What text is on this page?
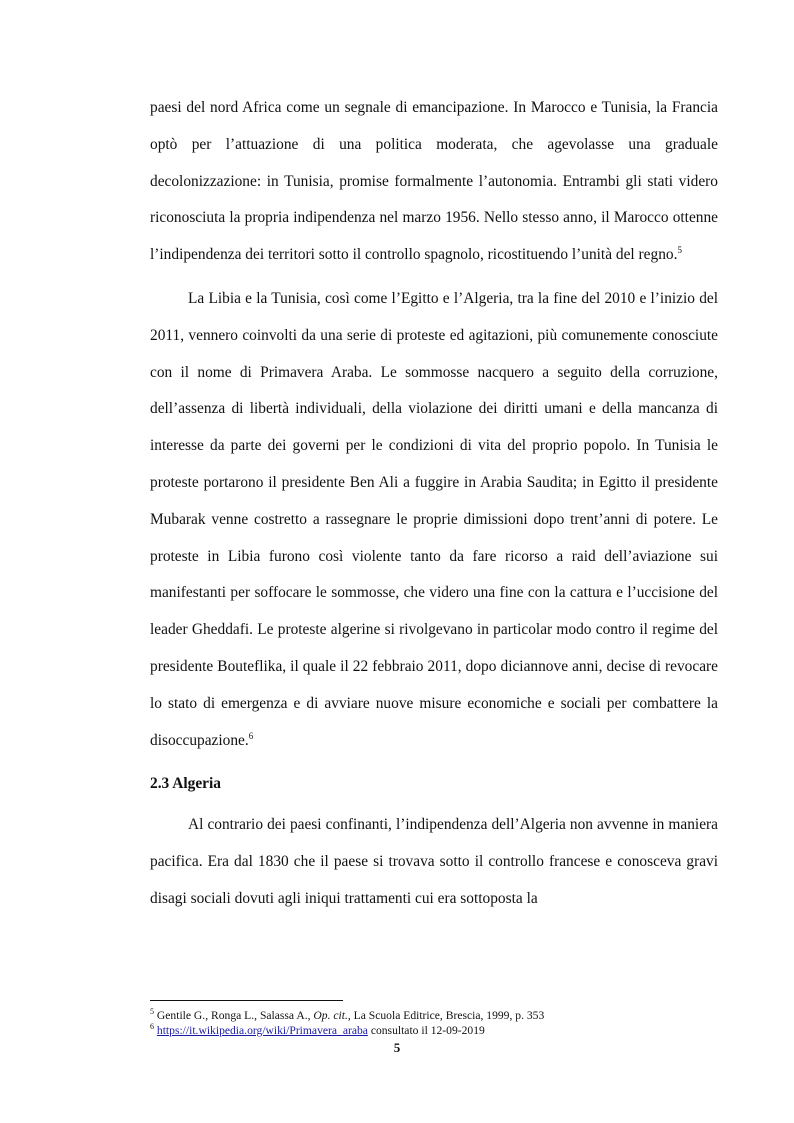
paesi del nord Africa come un segnale di emancipazione. In Marocco e Tunisia, la Francia optò per l’attuazione di una politica moderata, che agevolasse una graduale decolonizzazione: in Tunisia, promise formalmente l’autonomia. Entrambi gli stati videro riconosciuta la propria indipendenza nel marzo 1956. Nello stesso anno, il Marocco ottenne l’indipendenza dei territori sotto il controllo spagnolo, ricostituendo l’unità del regno.$^5$

La Libia e la Tunisia, così come l’Egitto e l’Algeria, tra la fine del 2010 e l’inizio del 2011, vennero coinvolti da una serie di proteste ed agitazioni, più comunemente conosciute con il nome di Primavera Araba. Le sommosse nacquero a seguito della corruzione, dell’assenza di libertà individuali, della violazione dei diritti umani e della mancanza di interesse da parte dei governi per le condizioni di vita del proprio popolo. In Tunisia le proteste portarono il presidente Ben Ali a fuggire in Arabia Saudita; in Egitto il presidente Mubarak venne costretto a rassegnare le proprie dimissioni dopo trent’anni di potere. Le proteste in Libia furono così violente tanto da fare ricorso a raid dell’aviazione sui manifestanti per soffocare le sommosse, che videro una fine con la cattura e l’uccisione del leader Gheddafi. Le proteste algerine si rivolgevano in particolar modo contro il regime del presidente Bouteflika, il quale il 22 febbraio 2011, dopo diciannove anni, decise di revocare lo stato di emergenza e di avviare nuove misure economiche e sociali per combattere la disoccupazione.$^6$

2.3 Algeria

Al contrario dei paesi confinanti, l’indipendenza dell’Algeria non avvenne in maniera pacifica. Era dal 1830 che il paese si trovava sotto il controllo francese e conosceva gravi disagi sociali dovuti agli iniqui trattamenti cui era sottoposta la

$^5$ Gentile G., Ronga L., Salassa A., Op. cit., La Scuola Editrice, Brescia, 1999, p. 353

$^6$ https://it.wikipedia.org/wiki/Primavera_araba consultato il 12-09-2019

5
